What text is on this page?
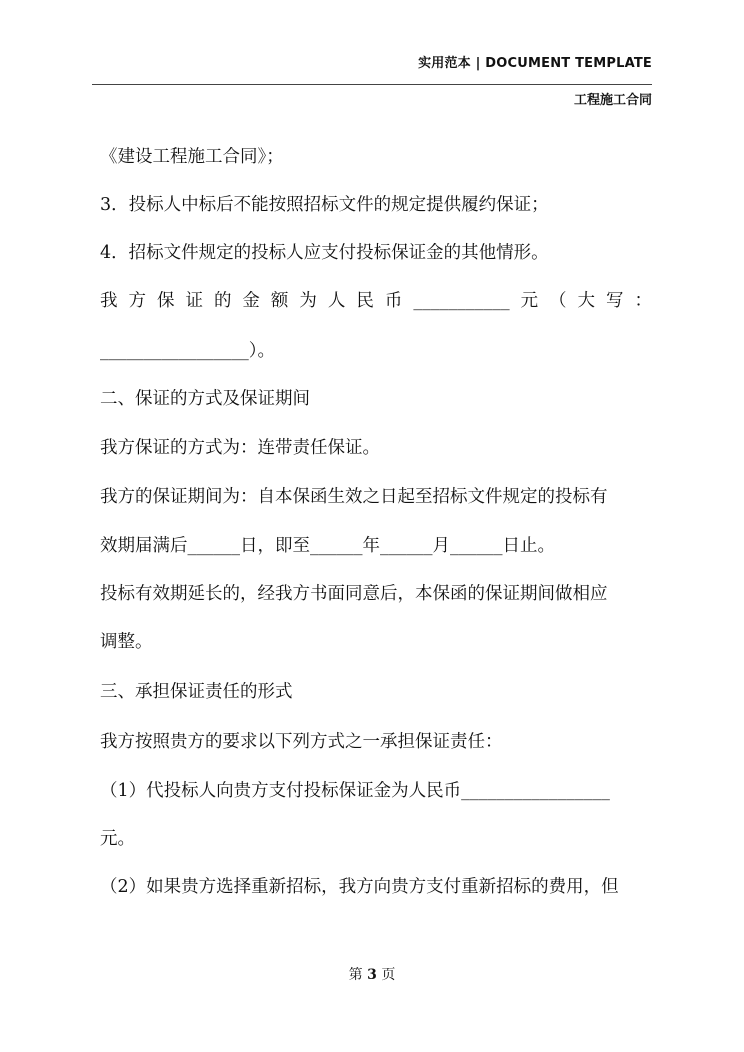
实用范本 | DOCUMENT TEMPLATE
工程施工合同
《建设工程施工合同》；
3．投标人中标后不能按照招标文件的规定提供履约保证；
4．招标文件规定的投标人应支付投标保证金的其他情形。
我 方 保 证 的 金 额 为 人 民 币 ___________ 元 （ 大 写 ：
_________________）。
二、保证的方式及保证期间
我方保证的方式为：连带责任保证。
我方的保证期间为：自本保函生效之日起至招标文件规定的投标有
效期届满后______日，即至______年______月______日止。
投标有效期延长的，经我方书面同意后，本保函的保证期间做相应
调整。
三、承担保证责任的形式
我方按照贵方的要求以下列方式之一承担保证责任：
（1）代投标人向贵方支付投标保证金为人民币_________________
元。
（2）如果贵方选择重新招标，我方向贵方支付重新招标的费用，但
第 3 页
